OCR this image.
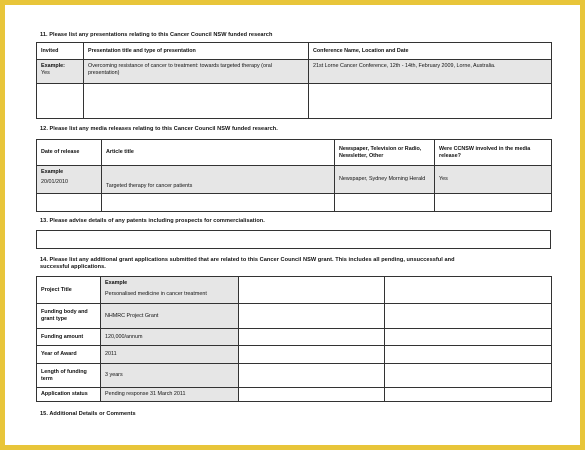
11. Please list any presentations relating to this Cancer Council NSW funded research
Invited	Presentation title and type of presentation	Conference Name, Location and Date

Example:
Yes	Overcoming resistance of cancer to treatment: towards targeted therapy (oral presentation)	21st Lorne Cancer Conference, 12th - 14th, February 2009, Lorne, Australia.

12. Please list any media releases relating to this Cancer Council NSW funded research.
Date of release	Article title	Newspaper, Television or Radio, Newsletter, Other	Were CCNSW involved in the media release?

Example
20/01/2010	Targeted therapy for cancer patients	Newspaper, Sydney Morning Herald	Yes

13. Please advise details of any patents including prospects for commercialisation.
14. Please list any additional grant applications submitted that are related to this Cancer Council NSW grant. This includes all pending, unsuccessful and
successful applications.
Project Title	Example
Personalised medicine in cancer treatment		

Funding body and grant type	NHMRC Project Grant		
Funding amount	120,000/annum		
Year of Award	2011		
Length of funding term	3 years		
Application status	Pending response 31 March 2011		
15. Additional Details or Comments
